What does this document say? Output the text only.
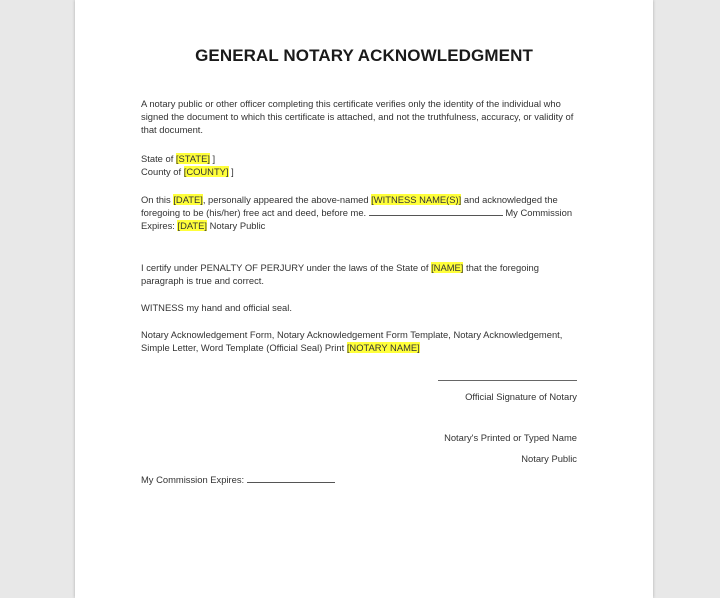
GENERAL NOTARY ACKNOWLEDGMENT
A notary public or other officer completing this certificate verifies only the identity of the individual who signed the document to which this certificate is attached, and not the truthfulness, accuracy, or validity of that document.
State of [STATE] ]
County of [COUNTY] ]
On this [DATE], personally appeared the above-named [WITNESS NAME(S)] and acknowledged the foregoing to be (his/her) free act and deed, before me.	My Commission Expires: [DATE] Notary Public
I certify under PENALTY OF PERJURY under the laws of the State of [NAME] that the foregoing paragraph is true and correct.
WITNESS my hand and official seal.
Notary Acknowledgement Form, Notary Acknowledgement Form Template, Notary Acknowledgement, Simple Letter, Word Template (Official Seal) Print [NOTARY NAME]
Official Signature of Notary
Notary's Printed or Typed Name
Notary Public
My Commission Expires:
